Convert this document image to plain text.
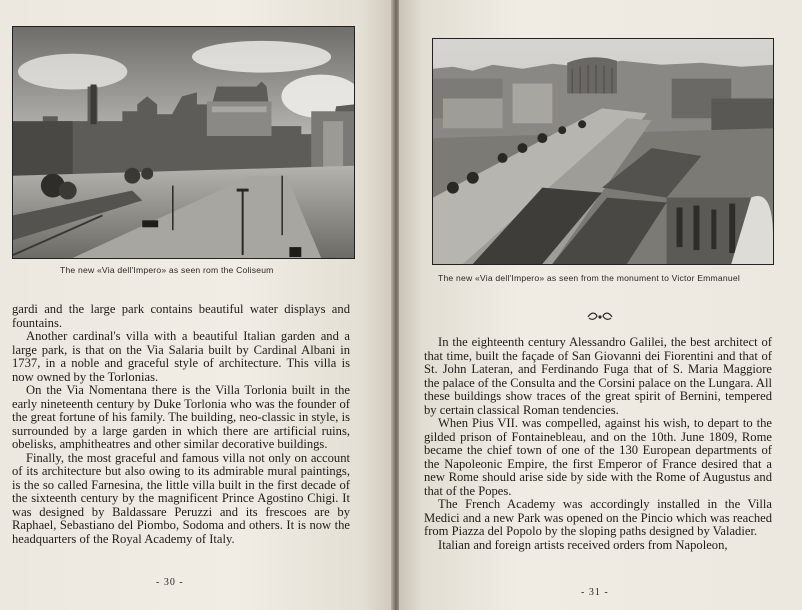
The new «Via dell'Impero» as seen rom the Coliseum

gardi and the large park contains beautiful water displays and fountains.

Another cardinal's villa with a beautiful Italian garden and a large park, is that on the Via Salaria built by Cardinal Albani in 1737, in a noble and graceful style of architecture. This villa is now owned by the Torlonias.

On the Via Nomentana there is the Villa Torlonia built in the early nineteenth century by Duke Torlonia who was the founder of the great fortune of his family. The building, neo-classic in style, is surrounded by a large garden in which there are artificial ruins, obelisks, amphitheatres and other similar decorative buildings.

Finally, the most graceful and famous villa not only on account of its architecture but also owing to its admirable mural paintings, is the so called Farnesina, the little villa built in the first decade of the sixteenth century by the magnificent Prince Agostino Chigi. It was designed by Baldassare Peruzzi and its frescoes are by Raphael, Sebastiano del Piombo, Sodoma and others. It is now the headquarters of the Royal Academy of Italy.

- 30 -
The new «Via dell'Impero» as seen from the monument to Victor Emmanuel

In the eighteenth century Alessandro Galilei, the best architect of that time, built the façade of San Giovanni dei Fiorentini and that of St. John Lateran, and Ferdinando Fuga that of S. Maria Maggiore the palace of the Consulta and the Corsini palace on the Lungara. All these buildings show traces of the great spirit of Bernini, tempered by certain classical Roman tendencies.

When Pius VII. was compelled, against his wish, to depart to the gilded prison of Fontainebleau, and on the 10th. June 1809, Rome became the chief town of one of the 130 European departments of the Napoleonic Empire, the first Emperor of France desired that a new Rome should arise side by side with the Rome of Augustus and that of the Popes.

The French Academy was accordingly installed in the Villa Medici and a new Park was opened on the Pincio which was reached from Piazza del Popolo by the sloping paths designed by Valadier.

Italian and foreign artists received orders from Napoleon,

- 31 -
